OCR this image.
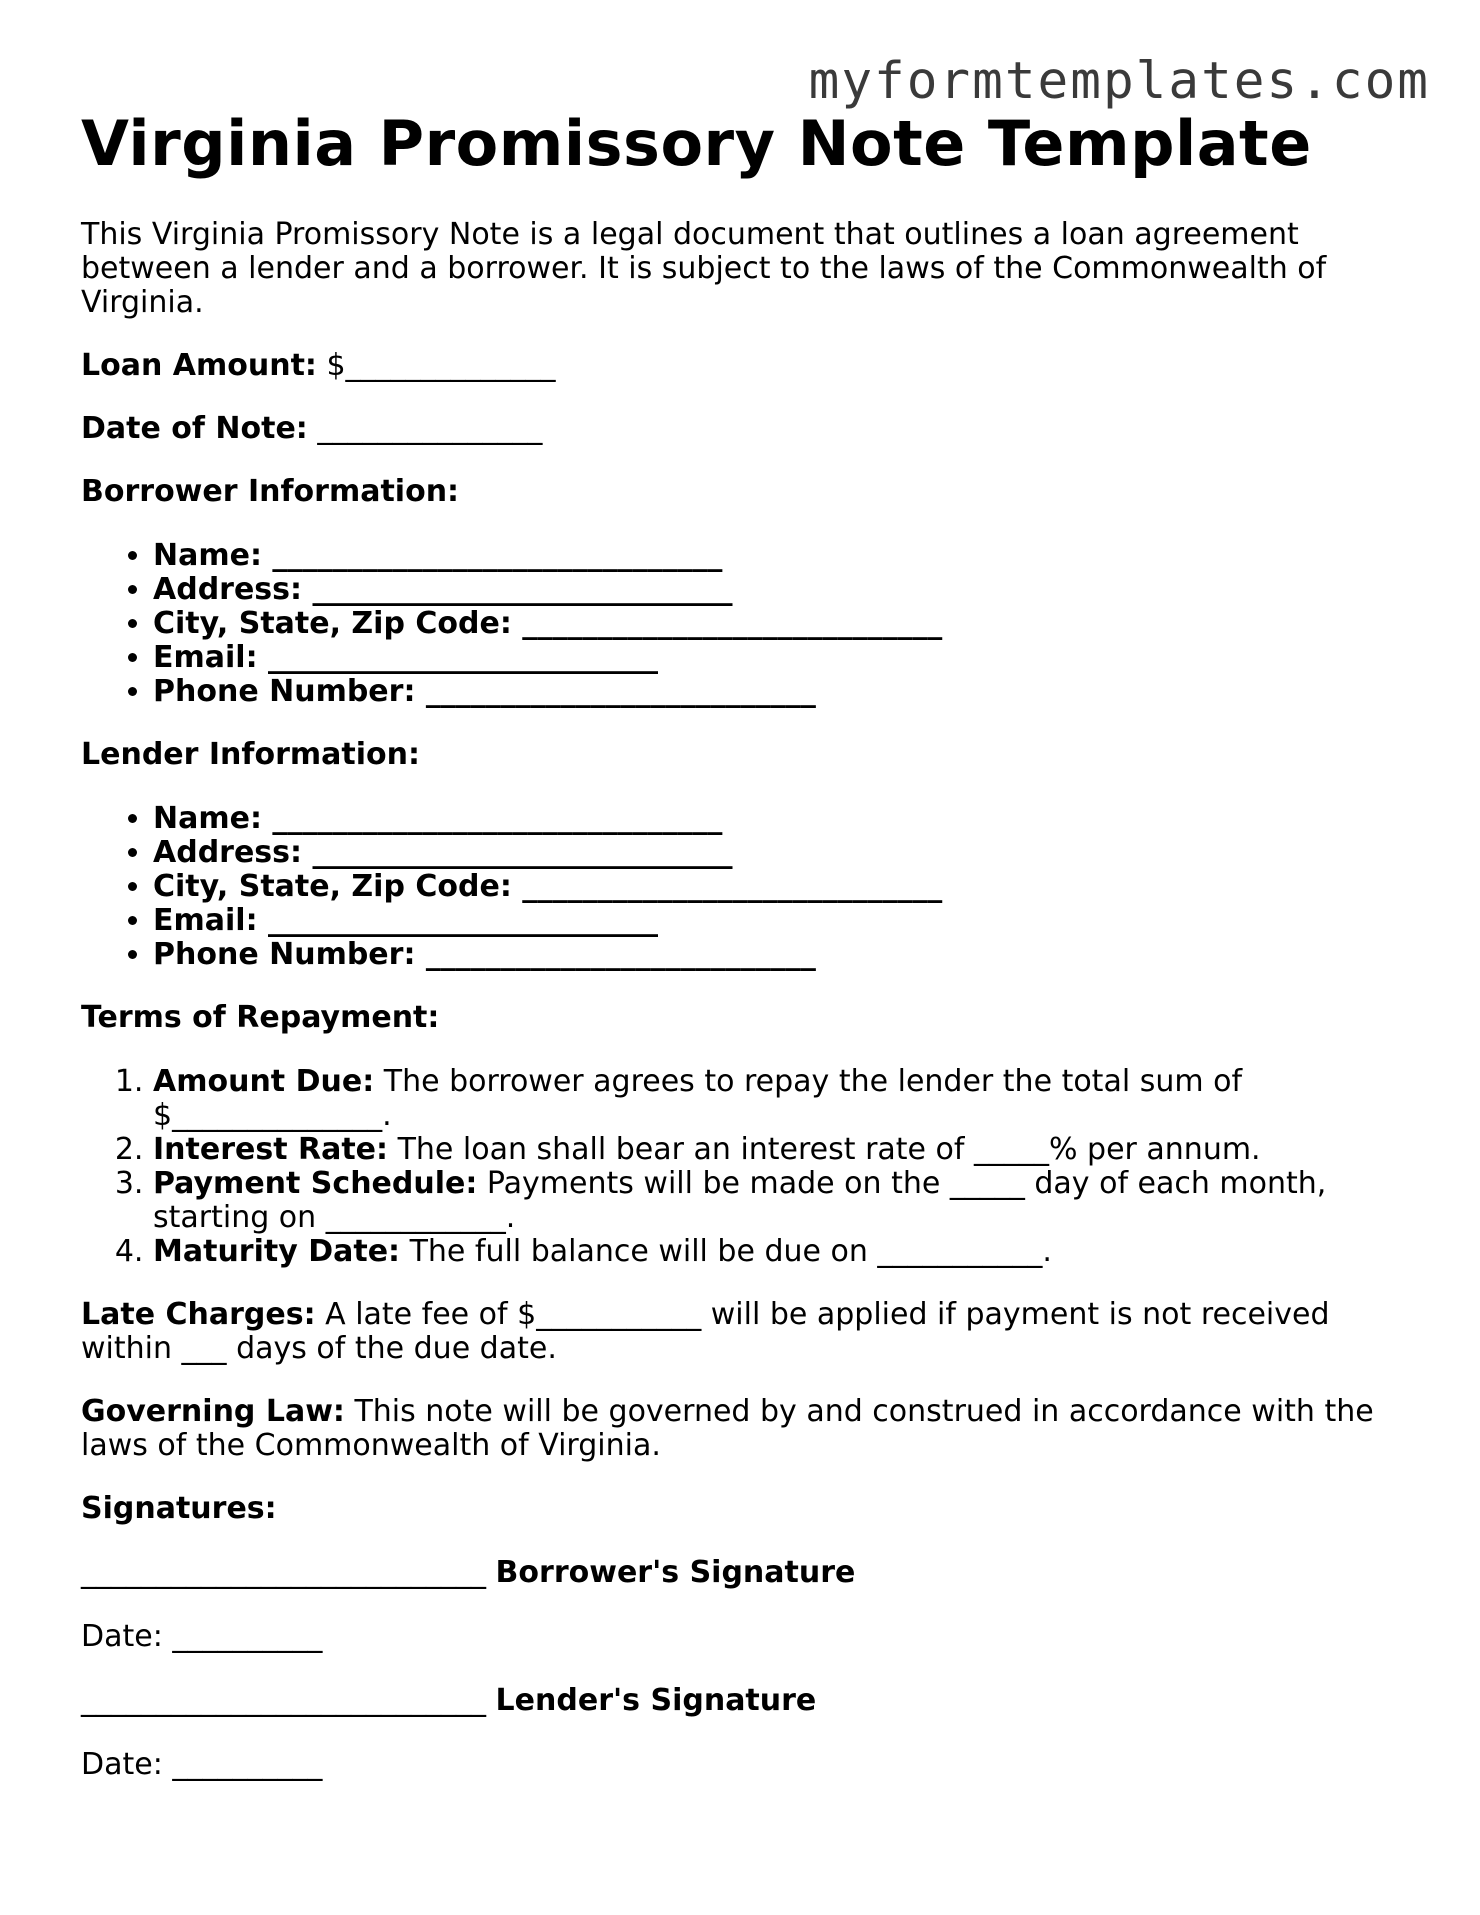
myformtemplates.com
Virginia Promissory Note Template

This Virginia Promissory Note is a legal document that outlines a loan agreement between a lender and a borrower. It is subject to the laws of the Commonwealth of Virginia.

Loan Amount: $______________

Date of Note: _______________

Borrower Information:

• Name: ______________________________
• Address: ____________________________
• City, State, Zip Code: ____________________________
• Email: __________________________
• Phone Number: __________________________

Lender Information:

• Name: ______________________________
• Address: ____________________________
• City, State, Zip Code: ____________________________
• Email: __________________________
• Phone Number: __________________________

Terms of Repayment:

1. Amount Due: The borrower agrees to repay the lender the total sum of $______________.
2. Interest Rate: The loan shall bear an interest rate of _____% per annum.
3. Payment Schedule: Payments will be made on the _____ day of each month, starting on ____________.
4. Maturity Date: The full balance will be due on ___________.

Late Charges: A late fee of $___________ will be applied if payment is not received within ___ days of the due date.

Governing Law: This note will be governed by and construed in accordance with the laws of the Commonwealth of Virginia.

Signatures:

___________________________ Borrower's Signature

Date: __________

___________________________ Lender's Signature

Date: __________
